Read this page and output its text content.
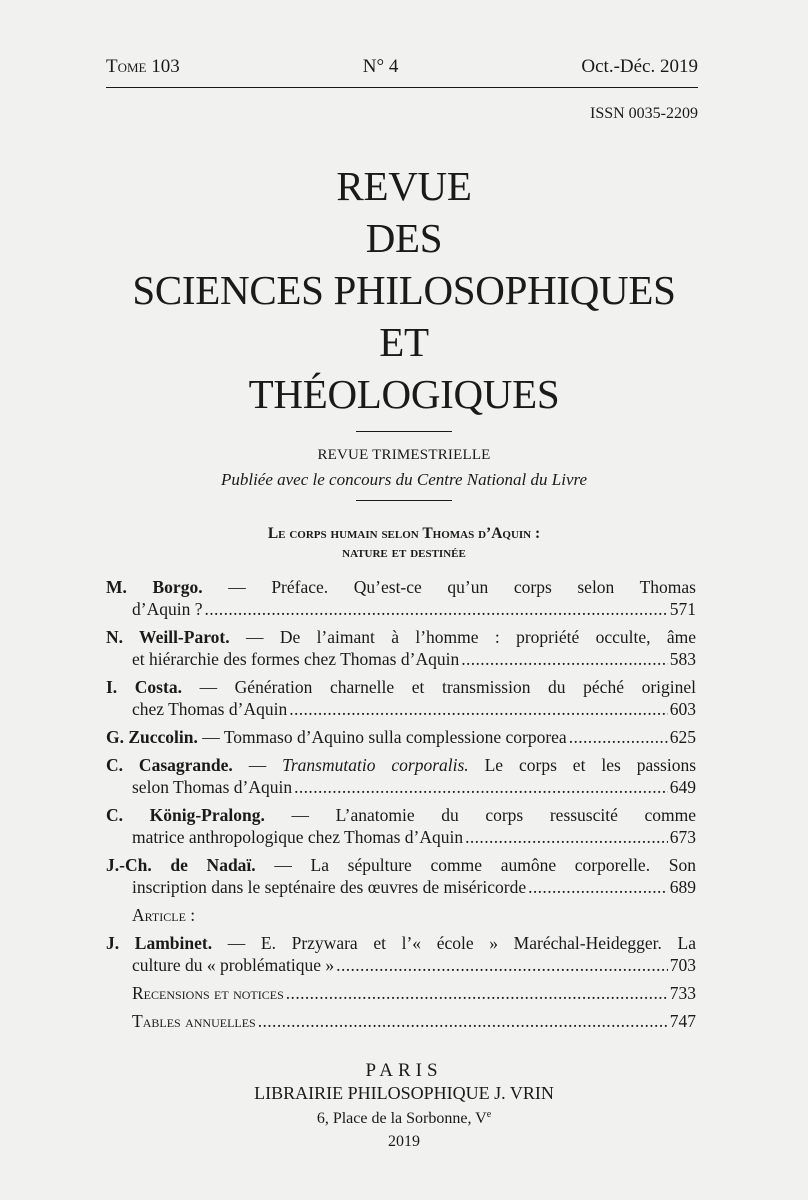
Tome 103	N° 4	Oct.-Déc. 2019
ISSN 0035-2209
REVUE
DES
SCIENCES PHILOSOPHIQUES
ET
THÉOLOGIQUES
REVUE TRIMESTRIELLE
Publiée avec le concours du Centre National du Livre
Le corps humain selon Thomas d’Aquin :
nature et destinée
M. Borgo. — Préface. Qu’est-ce qu’un corps selon Thomas
d’Aquin ? .....	571
N. Weill-Parot. — De l’aimant à l’homme : propriété occulte, âme
et hiérarchie des formes chez Thomas d’Aquin .....	583
I. Costa. — Génération charnelle et transmission du péché originel
chez Thomas d’Aquin .....	603
G. Zuccolin. — Tommaso d’Aquino sulla complessione corporea .....	625
C. Casagrande. — Transmutatio corporalis. Le corps et les passions
selon Thomas d’Aquin .....	649
C. König-Pralong. — L’anatomie du corps ressuscité comme
matrice anthropologique chez Thomas d’Aquin .....	673
J.-Ch. de Nadaï. — La sépulture comme aumône corporelle. Son
inscription dans le septénaire des œuvres de miséricorde .....	689
Article :
J. Lambinet. — E. Przywara et l’« école » Maréchal-Heidegger. La
culture du « problématique » .....	703
Recensions et notices .....	733
Tables annuelles .....	747
PARIS
LIBRAIRIE PHILOSOPHIQUE J. VRIN
6, Place de la Sorbonne, Ve
2019
